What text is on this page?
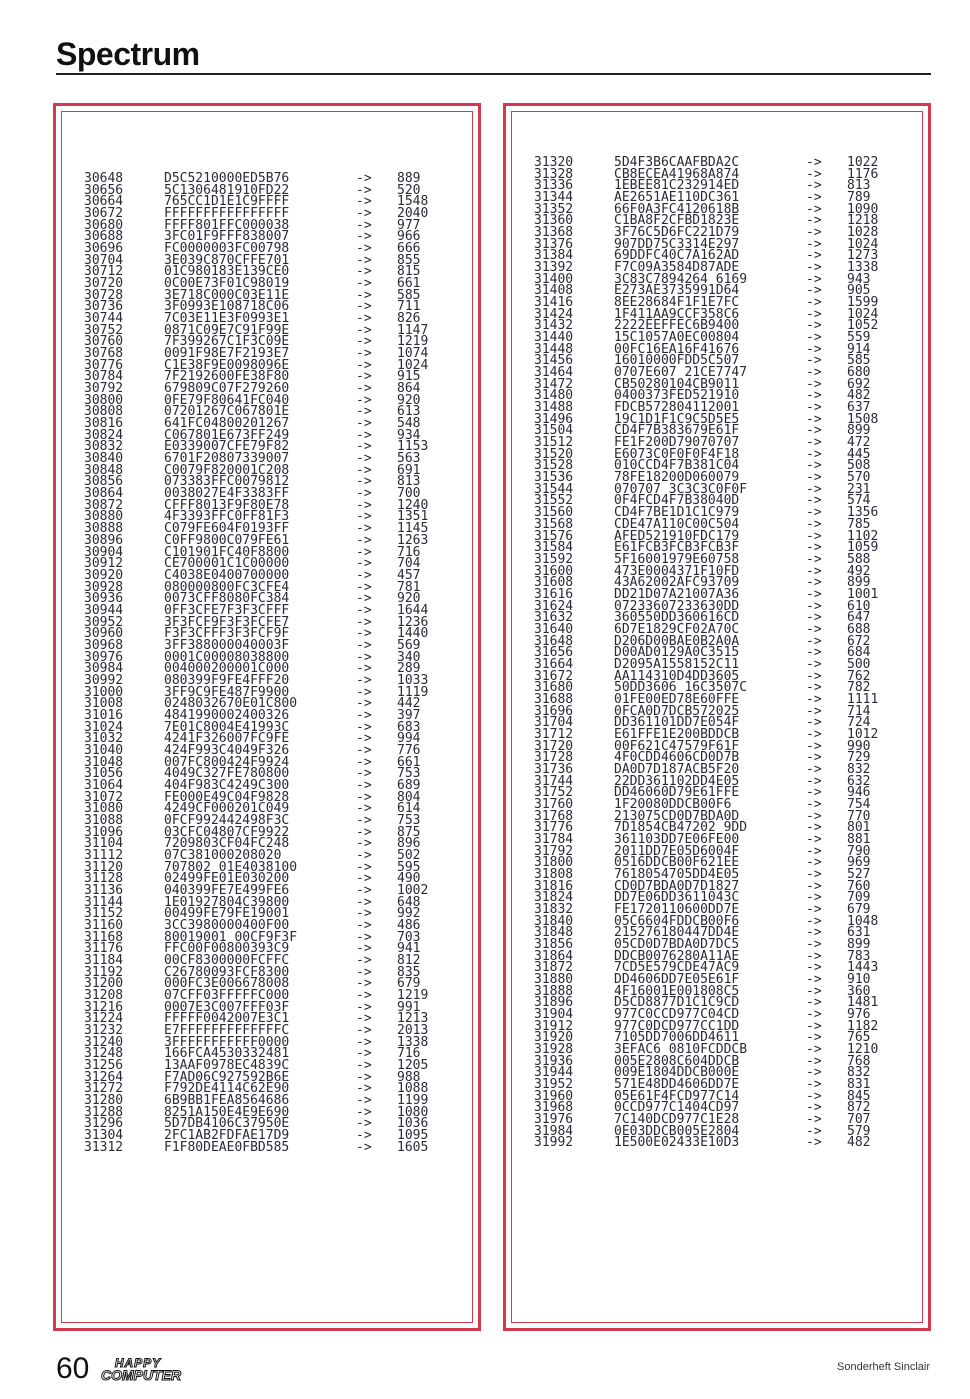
Spectrum
30648	D5C5210000ED5B76	-> 889
30656	5C1306481910FD22	-> 520
30664	765CC1D1E1C9FFFF	-> 1548
30672	FFFFFFFFFFFFFFFF	-> 2040
30680	FFFF801FFC000038	-> 977
30688	3FC01F9FFF838007	-> 966
30696	FC0000003FC00798	-> 666
30704	3E039C870CFFE701	-> 855
30712	01C980183E139CE0	-> 815
30720	0C00E73F01C98019	-> 661
30728	3E718C000C03E11E	-> 585
30736	3F0993E108718C06	-> 711
30744	7C03E11E3F0993E1	-> 826
30752	0871C09E7C91F99E	-> 1147
30760	7F399267C1F3C09E	-> 1219
30768	0091F98E7F2193E7	-> 1074
30776	C1E38F9E0098096E	-> 1024
30784	7F2192600FE38F80	-> 915
30792	679809C07F279260	-> 864
30800	0FE79F80641FC040	-> 920
30808	07201267C067801E	-> 613
30816	641FC04800201267	-> 548
30824	C067801E673FF249	-> 934
30832	E0339007CFE79F82	-> 1153
30840	6701F20807339007	-> 563
30848	C0079F820001C208	-> 691
30856	073383FFC0079812	-> 813
30864	0038027E4F3383FF	-> 700
30872	CFFF8013F9F80E78	-> 1240
30880	4F3393FFC0FF81F3	-> 1351
30888	C079FE604F0193FF	-> 1145
30896	C0FF9800C079FE61	-> 1263
30904	C101901FC40F8800	-> 716
30912	CE700001C1C00000	-> 704
30920	C4038E0400700000	-> 457
30928	080000800FC3CFE4	-> 781
30936	0073CFF8080FC384	-> 920
30944	0FF3CFE7F3F3CFFF	-> 1644
30952	3F3FCF9F3F3FCFE7	-> 1236
30960	F3F3CFFF3F3FCF9F	-> 1440
30968	3FF388000040003F	-> 569
30976	0001C00008038800	-> 340
30984	004000200001C000	-> 289
30992	080399F9FE4FFF20	-> 1033
31000	3FF9C9FE487F9900	-> 1119
31008	0248032670E01C800	-> 442
31016	4841990002400326	-> 397
31024	7E01C8004E41993C	-> 683
31032	4241F326007FC9FE	-> 994
31040	424F993C4049F326	-> 776
31048	007FC800424F9924	-> 661
31056	4049C327FE780800	-> 753
31064	404F983C4249C300	-> 689
31072	FE000E49C04F9828	-> 804
31080	4249CF000201C049	-> 614
31088	0FCF992442498F3C	-> 753
31096	03CFC04807CF9922	-> 875
31104	7209803CF04FC248	-> 896
31112	07C381000208020	-> 502
31120	707802 01E4038100	-> 595
31128	02499FE01E030200	-> 490
31136	040399FE7E499FE6	-> 1002
31144	1E01927804C39800	-> 648
31152	00499FE79FE19001	-> 992
31160	3CC3980000400F00	-> 486
31168	80019001 00CF9F3F	-> 703
31176	FFC00F00800393C9	-> 941
31184	00CF8300000FCFFC	-> 812
31192	C26780093FCF8300	-> 835
31200	000FC3E006678008	-> 679
31208	07CFF03FFFFFC000	-> 1219
31216	0007E3C007FFF03F	-> 991
31224	FFFFF0042007E3C1	-> 1213
31232	E7FFFFFFFFFFFFFC	-> 2013
31240	3FFFFFFFFFFF0000	-> 1338
31248	166FCA4530332481	-> 716
31256	13AAF0978EC4839C	-> 1205
31264	F7AD06C927592B6E	-> 988
31272	F792DE4114C62E90	-> 1088
31280	6B9BB1FEA8564686	-> 1199
31288	8251A150E4E9E690	-> 1080
31296	5D7DB4106C37950E	-> 1036
31304	2FC1AB2FDFAE17D9	-> 1095
31312	F1F80DEAE0FBD585	-> 1605
31320	5D4F3B6CAAFBDA2C	-> 1022
31328	CB8ECEA41968A874	-> 1176
31336	1EBEE81C232914ED	-> 813
31344	AE2651AE110DC361	-> 789
31352	66F0A3FC4120618B	-> 1090
31360	C1BA8F2CFBD1823E	-> 1218
31368	3F76C5D6FC221D79	-> 1028
31376	907DD75C3314E297	-> 1024
31384	69DDFC40C7A162AD	-> 1273
31392	F7C09A3584D87ADE	-> 1338
31400	3C83C7894264 6169	-> 943
31408	E273AE3735991D64	-> 905
31416	8EE28684F1F1E7FC	-> 1599
31424	1F411AA9CCF358C6	-> 1024
31432	2222EEFFEC6B9400	-> 1052
31440	15C1057A0EC00804	-> 559
31448	00FC16EA16F41676	-> 914
31456	16010000FDD5C507	-> 585
31464	0707E607 21CE7747	-> 680
31472	CB50280104CB9011	-> 692
31480	0400373FED521910	-> 482
31488	FDCB572804112001	-> 637
31496	19C1D1F1C9C5D5E5	-> 1508
31504	CD4F7B383679E61F	-> 899
31512	FE1F200D79070707	-> 472
31520	E6073C0F0F0F4F18	-> 445
31528	010CCD4F7B381C04	-> 508
31536	78FE18200D060079	-> 570
31544	070707 3C3C3C0F0F	-> 231
31552	0F4FCD4F7B38040D	-> 574
31560	CD4F7BE1D1C1C979	-> 1356
31568	CDE47A110C00C504	-> 785
31576	AFED521910FDC179	-> 1102
31584	E61FCB3FCB3FCB3F	-> 1059
31592	5F16001979E60758	-> 588
31600	473E0004371F10FD	-> 492
31608	43A62002AFC93709	-> 899
31616	DD21D07A21007A36	-> 1001
31624	07233607233630DD	-> 610
31632	360550DD360616CD	-> 647
31640	6D7E1829CF02A70C	-> 688
31648	D206D00BAE0B2A0A	-> 672
31656	D00AD0129A0C3515	-> 684
31664	D2095A1558152C11	-> 500
31672	AA114310D4DD3605	-> 762
31680	50DD3606 16C3507C	-> 782
31688	01FE00ED78E60FFE	-> 1111
31696	0FCA0D7DCB572025	-> 714
31704	DD361101DD7E054F	-> 724
31712	E61FFE1E200BDDCB	-> 1012
31720	00F621C47579F61F	-> 990
31728	4F0CDD4606CD0D7B	-> 729
31736	DA0D7D187ACB5F20	-> 832
31744	22DD361102DD4E05	-> 632
31752	DD46060D79E61FFE	-> 946
31760	1F20080DDCB00F6	-> 754
31768	213075CD0D7BDA0D	-> 770
31776	7D1854CB47202 9DD	-> 801
31784	361103DD7E06FE00	-> 881
31792	2011DD7E05D6004F	-> 790
31800	0516DDCB00F621EE	-> 969
31808	7618054705DD4E05	-> 527
31816	CD0D7BDA0D7D1827	-> 760
31824	DD7E06DD3611043C	-> 709
31832	FE1720110600DD7E	-> 679
31840	05C6604FDDCB00F6	-> 1048
31848	215276180447DD4E	-> 631
31856	05CD0D7BDA0D7DC5	-> 899
31864	DDCB0076280A11AE	-> 783
31872	7CD5E579CDE47AC9	-> 1443
31880	DD4606DD7E05E61F	-> 910
31888	4F16001E001808C5	-> 360
31896	D5CD8877D1C1C9CD	-> 1481
31904	977C0CCD977C04CD	-> 976
31912	977C0DCD977CC1DD	-> 1182
31920	7105DD7006DD4611	-> 765
31928	3EFAC6 0810FCDDCB	-> 1210
31936	005E2808C604DDCB	-> 768
31944	009E1804DDCB000E	-> 832
31952	571E48DD4606DD7E	-> 831
31960	05E61F4FCD977C14	-> 845
31968	0CCD977C1404CD97	-> 872
31976	7C140DCD977C1E28	-> 707
31984	0E03DDCB005E2804	-> 579
31992	1E500E02433E10D3	-> 482
60	HAPPY
COMPUTER	Sonderheft Sinclair
